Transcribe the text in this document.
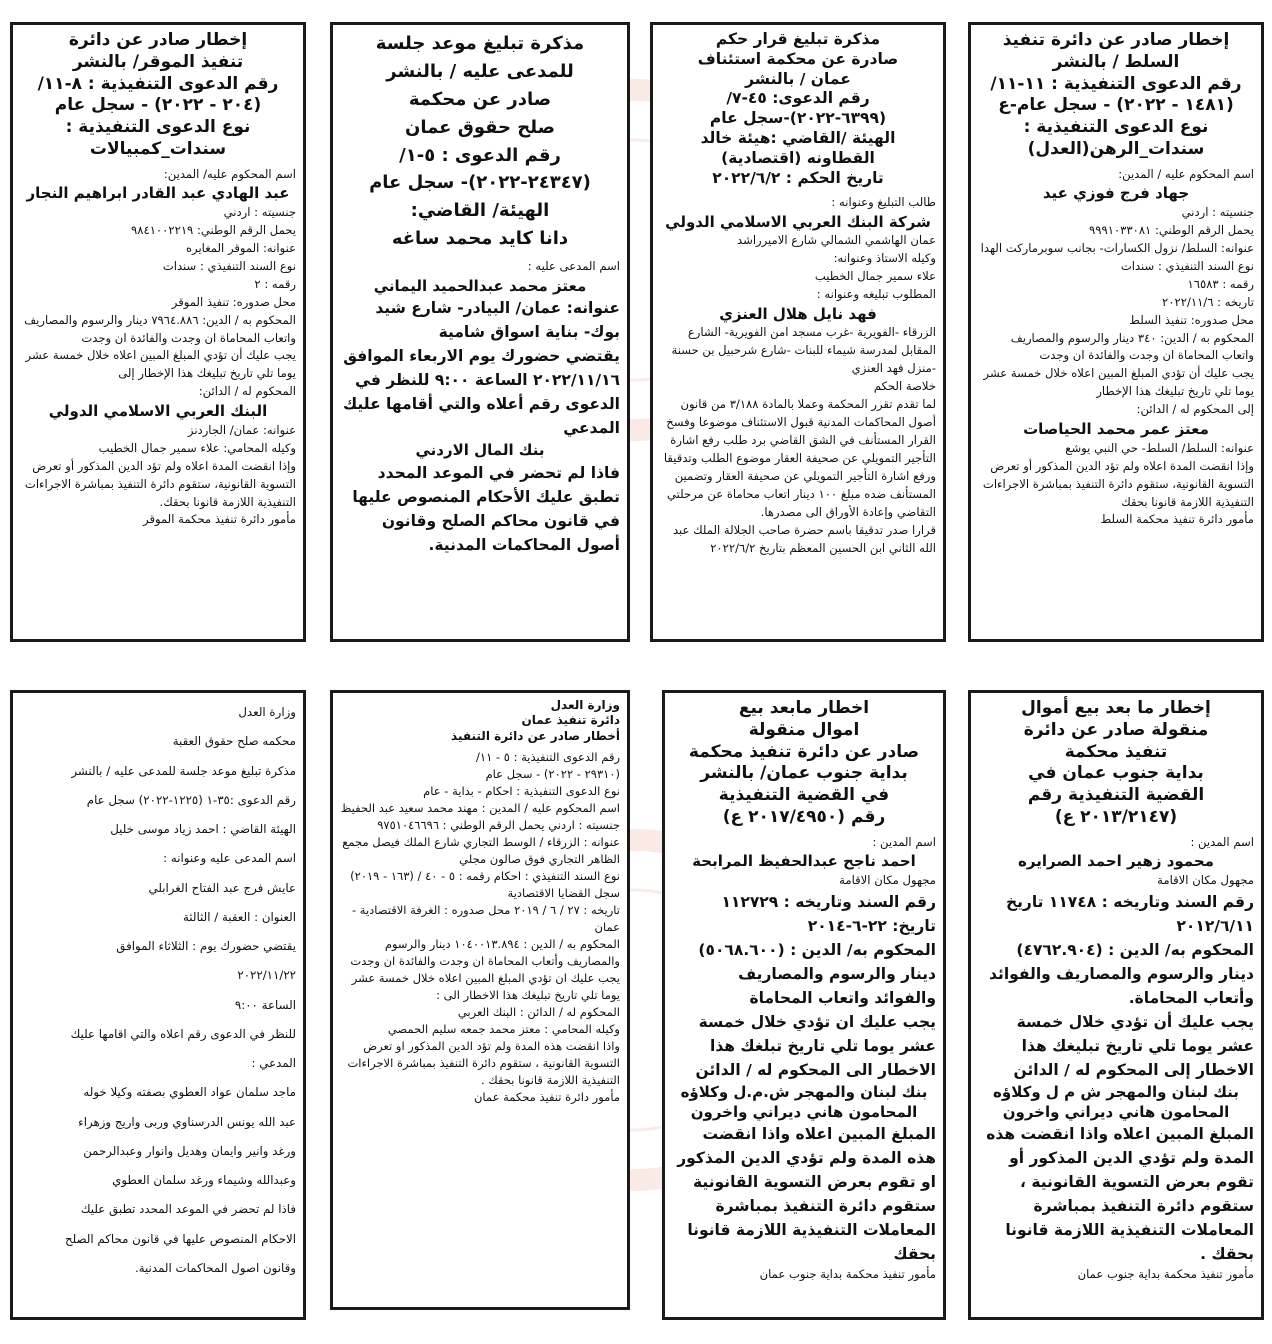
إخطار صادر عن دائرة تنفيذ
السلط / بالنشر
رقم الدعوى التنفيذية : ١١-١١/
(١٤٨١ - ٢٠٢٢) - سجل عام-ع
نوع الدعوى التنفيذية :
سندات_الرهن(العدل)

اسم المحكوم عليه / المدين:

جهاد فرج فوزي عيد

جنسيته : اردني

يحمل الرقم الوطني: ٩٩٩١٠٣٣٠٨١

عنوانه: السلط/ نزول الكسارات- بجانب سوبرماركت الهدا

نوع السند التنفيذي : سندات

رقمه : ١٦٥٨٣

تاريخه : ٢٠٢٢/١١/٦

محل صدوره: تنفيذ السلط

المحكوم به / الدين: ٣٤٠ دينار والرسوم والمصاريف واتعاب المحاماة ان وجدت والفائدة ان وجدت

يجب عليك أن تؤدي المبلغ المبين اعلاه خلال خمسة عشر يوما تلي تاريخ تبليغك هذا الإخطار

إلى المحكوم له / الدائن:

معتز عمر محمد الحياصات

عنوانه: السلط/ السلط- حي النبي يوشع

وإذا انقضت المدة اعلاه ولم تؤد الدين المذكور أو تعرض التسوية القانونية، ستقوم دائرة التنفيذ بمباشرة الاجراءات التنفيذية اللازمة قانونا بحقك

مأمور دائرة تنفيذ محكمة السلط

مذكرة تبليغ قرار حكم
صادرة عن محكمة استئناف
عمان / بالنشر
رقم الدعوى: ٤٥-٧/
(٦٣٩٩-٢٠٢٢)-سجل عام
الهيئة /القاضي :هيئة خالد
القطاونه (اقتصادية)
تاريخ الحكم : ٢٠٢٢/٦/٢

طالب التبليغ وعنوانه :

شركة البنك العربي الاسلامي الدولي

عمان الهاشمي الشمالي شارع الاميرراشد

وكيله الاستاذ وعنوانه:

علاء سمير جمال الخطيب

المطلوب تبليغه وعنوانه :

فهد نايل هلال العنزي

الزرقاء -الفويرية -غرب مسجد امن الفويرية- الشارع المقابل لمدرسة شيماء للبنات -شارع شرحبيل بن حسنة -منزل فهد العنزي

خلاصة الحكم

لما تقدم تقرر المحكمة وعملا بالمادة ٣/١٨٨ من قانون أصول المحاكمات المدنية قبول الاستئناف موضوعا وفسخ القرار المستأنف في الشق القاضي برد طلب رفع اشارة التأجير التمويلي عن صحيفة العقار موضوع الطلب وتدقيقا ورفع اشارة التأجير التمويلي عن صحيفة العقار وتضمين المستأنف ضده مبلغ ١٠٠ دينار اتعاب محاماة عن مرحلتي التقاضي وإعادة الأوراق الى مصدرها.

قرارا صدر تدقيقا باسم حضرة صاحب الجلالة الملك عبد الله الثاني ابن الحسين المعظم بتاريخ ٢٠٢٢/٦/٢

مذكرة تبليغ موعد جلسة
للمدعى عليه / بالنشر
صادر عن محكمة
صلح حقوق عمان
رقم الدعوى : ٥-١/
(٢٤٣٤٧-٢٠٢٢)- سجل عام
الهيئة/ القاضي:
دانا كايد محمد ساغه

اسم المدعى عليه :

معتز محمد عبدالحميد اليماني

عنوانه: عمان/ البيادر- شارع شيد بوك- بناية اسواق شامية

يقتضي حضورك يوم الاربعاء الموافق ٢٠٢٢/١١/١٦ الساعة ٩:٠٠ للنظر في الدعوى رقم أعلاه والتي أقامها عليك المدعي

بنك المال الاردني

فاذا لم تحضر في الموعد المحدد تطبق عليك الأحكام المنصوص عليها في قانون محاكم الصلح وقانون أصول المحاكمات المدنية.

إخطار صادر عن دائرة
تنفيذ الموقر/ بالنشر
رقم الدعوى التنفيذية : ٨-١١/
(٢٠٤ - ٢٠٢٢) - سجل عام
نوع الدعوى التنفيذية :
سندات_كمبيالات

اسم المحكوم عليه/ المدين:

عبد الهادي عبد القادر ابراهيم النجار

جنسيته : اردني

يحمل الرقم الوطني: ٩٨٤١٠٠٢٢١٩

عنوانه: الموقر المغايره

نوع السند التنفيذي : سندات

رقمه : ٢

محل صدوره: تنفيذ الموقر

المحكوم به / الدين: ٧٩٦٤.٨٨٦ دينار والرسوم والمصاريف واتعاب المحاماة ان وجدت والفائدة ان وجدت

يجب عليك أن تؤدي المبلغ المبين اعلاه خلال خمسة عشر يوما تلي تاريخ تبليغك هذا الإخطار إلى

المحكوم له / الدائن:

البنك العربي الاسلامي الدولي

عنوانه: عمان/ الجاردنز

وكيله المحامي: علاء سمير جمال الخطيب

وإذا انقضت المدة اعلاه ولم تؤد الدين المذكور أو تعرض التسوية القانونية، ستقوم دائرة التنفيذ بمباشرة الاجراءات التنفيذية اللازمة قانونا بحقك.

مأمور دائرة تنفيذ محكمة الموقر

إخطار ما بعد بيع أموال
منقولة صادر عن دائرة
تنفيذ محكمة
بداية جنوب عمان في
القضية التنفيذية رقم
(٢٠١٣/٢١٤٧ ع)

اسم المدين :

محمود زهير احمد الصرايره

مجهول مكان الاقامة

رقم السند وتاريخه : ١١٧٤٨ تاريخ ٢٠١٢/٦/١١

المحكوم به/ الدين : (٤٧٦٢.٩٠٤) دينار والرسوم والمصاريف والفوائد وأتعاب المحاماة.

يجب عليك أن تؤدي خلال خمسة عشر يوما تلي تاريخ تبليغك هذا الاخطار إلى المحكوم له / الدائن

بنك لبنان والمهجر ش م ل وكلاؤه المحامون هاني ديراني واخرون

المبلغ المبين اعلاه واذا انقضت هذه المدة ولم تؤدي الدين المذكور أو تقوم بعرض التسوية القانونية ، ستقوم دائرة التنفيذ بمباشرة المعاملات التنفيذية اللازمة قانونا بحقك .

مأمور تنفيذ محكمة بداية جنوب عمان

اخطار مابعد بيع
اموال منقولة
صادر عن دائرة تنفيذ محكمة
بداية جنوب عمان/ بالنشر
في القضية التنفيذية
رقم (٢٠١٧/٤٩٥٠ ع)

اسم المدين :

احمد ناجح عبدالحفيظ المرابحة

مجهول مكان الاقامة

رقم السند وتاريخه : ١١٢٧٢٩

تاريخ: ٢٢-٦-٢٠١٤

المحكوم به/ الدين : (٥٠٦٨.٦٠٠) دينار والرسوم والمصاريف والفوائد واتعاب المحاماة

يجب عليك ان تؤدي خلال خمسة عشر يوما تلي تاريخ تبلغك هذا الاخطار الى المحكوم له / الدائن

بنك لبنان والمهجر ش.م.ل وكلاؤه المحامون هاني ديراني واخرون

المبلغ المبين اعلاه واذا انقضت هذه المدة ولم تؤدي الدين المذكور او تقوم بعرض التسوية القانونية ستقوم دائرة التنفيذ بمباشرة المعاملات التنفيذية اللازمة قانونا بحقك

مأمور تنفيذ محكمة بداية جنوب عمان

وزارة العدل
دائرة تنفيذ عمان
أخطار صادر عن دائرة التنفيذ

رقم الدعوى التنفيذية : ٥ - ١١/

(٢٩٣١٠ - ٢٠٢٢) - سجل عام

نوع الدعوى التنفيذية : احكام - بداية - عام

اسم المحكوم عليه / المدين : مهند محمد سعيد عبد الحفيظ

جنسيته : اردني يحمل الرقم الوطني : ٩٧٥١٠٤٦٦٩٦

عنوانه : الزرقاء / الوسط التجاري شارع الملك فيصل مجمع الظاهر التجاري فوق صالون مجلي

نوع السند التنفيذي : احكام رقمه : ٥ - ٤٠ / (١٦٣ - ٢٠١٩) سجل القضايا الاقتصادية

تاريخه : ٢٧ / ٦ / ٢٠١٩ محل صدوره : الغرفة الاقتصادية - عمان

المحكوم به / الدين : ١٠٤٠٠١٣.٨٩٤ دينار والرسوم والمصاريف وأتعاب المحاماة ان وجدت والفائدة ان وجدت

يجب عليك ان تؤدي المبلغ المبين اعلاه خلال خمسة عشر يوما تلي تاريخ تبليغك هذا الاخطار الى :

المحكوم له / الدائن : البنك العربي

وكيله المحامي : معتز محمد جمعه سليم الحمصي

واذا انقضت هذه المدة ولم تؤد الدين المذكور او تعرض التسوية القانونية ، ستقوم دائرة التنفيذ بمباشرة الاجراءات التنفيذية اللازمة قانونا بحقك .

مأمور دائرة تنفيذ محكمة عمان

وزارة العدل

محكمه صلح حقوق العقبة

مذكرة تبليغ موعد جلسة للمدعى عليه / بالنشر

رقم الدعوى :٣٥-١ (١٢٢٥-٢٠٢٢) سجل عام

الهيئة القاضي : احمد زياد موسى خليل

اسم المدعى عليه وعنوانه :

عايش فرج عبد الفتاح الغرابلي

العنوان : العقبة / الثالثة

يقتضي حضورك يوم : الثلاثاء الموافق

٢٠٢٢/١١/٢٢

الساعة ٩:٠٠

للنظر في الدعوى رقم اعلاه والتي اقامها عليك

المدعي :

ماجد سلمان عواد العطوي بصفته وكيلا خوله

عبد الله يونس الدرسناوي وربى واريج وزهراء

ورغد وانير وايمان وهديل وانوار وعبدالرحمن

وعبدالله وشيماء ورغد سلمان العطوي

فاذا لم تحضر في الموعد المحدد تطبق عليك

الاحكام المنصوص عليها في قانون محاكم الصلح

وقانون اصول المحاكمات المدنية.
